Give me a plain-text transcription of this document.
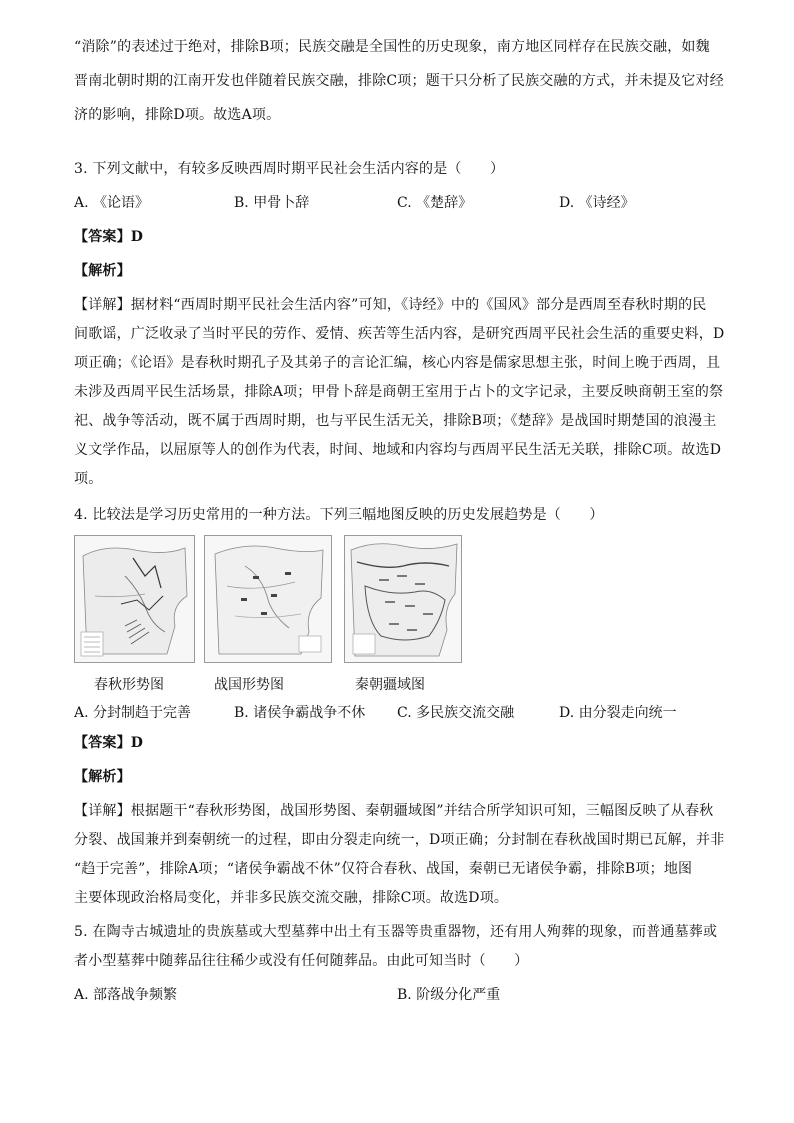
“消除”的表述过于绝对，排除B项；民族交融是全国性的历史现象，南方地区同样存在民族交融，如魏
晋南北朝时期的江南开发也伴随着民族交融，排除C项；题干只分析了民族交融的方式，并未提及它对经
济的影响，排除D项。故选A项。
3. 下列文献中，有较多反映西周时期平民社会生活内容的是（　　）
A. 《论语》	B. 甲骨卜辞	C. 《楚辞》	D. 《诗经》
【答案】D
【解析】
【详解】据材料“西周时期平民社会生活内容”可知，《诗经》中的《国风》部分是西周至春秋时期的民
间歌谣，广泛收录了当时平民的劳作、爱情、疾苦等生活内容，是研究西周平民社会生活的重要史料，D
项正确；《论语》是春秋时期孔子及其弟子的言论汇编，核心内容是儒家思想主张，时间上晚于西周，且
未涉及西周平民生活场景，排除A项；甲骨卜辞是商朝王室用于占卜的文字记录，主要反映商朝王室的祭
祀、战争等活动，既不属于西周时期，也与平民生活无关，排除B项；《楚辞》是战国时期楚国的浪漫主
义文学作品，以屈原等人的创作为代表，时间、地域和内容均与西周平民生活无关联，排除C项。故选D
项。
4. 比较法是学习历史常用的一种方法。下列三幅地图反映的历史发展趋势是（　　）
春秋形势图	战国形势图	秦朝疆域图
A. 分封制趋于完善	B. 诸侯争霸战争不休 C. 多民族交流交融	D. 由分裂走向统一
【答案】D
【解析】
【详解】根据题干“春秋形势图，战国形势图、秦朝疆域图”并结合所学知识可知，三幅图反映了从春秋
分裂、战国兼并到秦朝统一的过程，即由分裂走向统一，D项正确；分封制在春秋战国时期已瓦解，并非
“趋于完善”，排除A项；“诸侯争霸战不休”仅符合春秋、战国，秦朝已无诸侯争霸，排除B项；地图
主要体现政治格局变化，并非多民族交流交融，排除C项。故选D项。
5. 在陶寺古城遗址的贵族墓或大型墓葬中出土有玉器等贵重器物，还有用人殉葬的现象，而普通墓葬或
者小型墓葬中随葬品往往稀少或没有任何随葬品。由此可知当时（　　）
A. 部落战争频繁	B. 阶级分化严重
